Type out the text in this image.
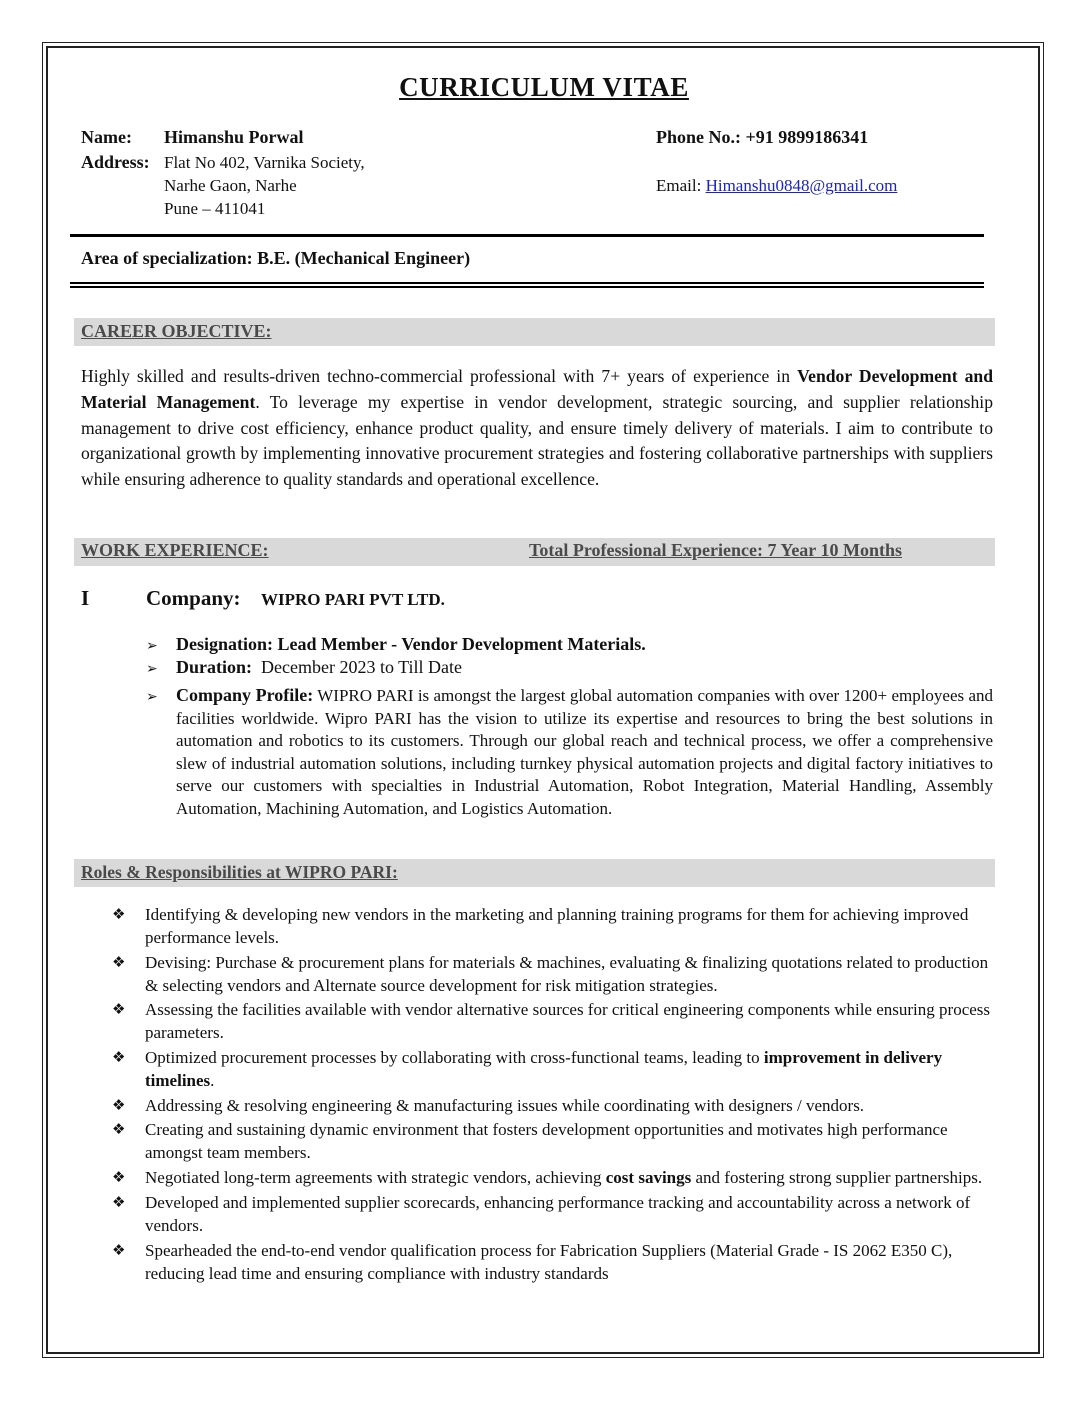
CURRICULUM VITAE
Name: Himanshu Porwal	Phone No.: +91 9899186341
Address: Flat No 402, Varnika Society,
Narhe Gaon, Narhe
Pune – 411041
Email: Himanshu0848@gmail.com
Area of specialization: B.E. (Mechanical Engineer)
CAREER OBJECTIVE:
Highly skilled and results-driven techno-commercial professional with 7+ years of experience in Vendor Development and Material Management. To leverage my expertise in vendor development, strategic sourcing, and supplier relationship management to drive cost efficiency, enhance product quality, and ensure timely delivery of materials. I aim to contribute to organizational growth by implementing innovative procurement strategies and fostering collaborative partnerships with suppliers while ensuring adherence to quality standards and operational excellence.
WORK EXPERIENCE:	Total Professional Experience: 7 Year 10 Months
I	Company: WIPRO PARI PVT LTD.
➢ Designation: Lead Member - Vendor Development Materials.
➢ Duration:  December 2023 to Till Date
➢ Company Profile: WIPRO PARI is amongst the largest global automation companies with over 1200+ employees and facilities worldwide. Wipro PARI has the vision to utilize its expertise and resources to bring the best solutions in automation and robotics to its customers. Through our global reach and technical process, we offer a comprehensive slew of industrial automation solutions, including turnkey physical automation projects and digital factory initiatives to serve our customers with specialties in Industrial Automation, Robot Integration, Material Handling, Assembly Automation, Machining Automation, and Logistics Automation.
Roles & Responsibilities at WIPRO PARI:
❖ Identifying & developing new vendors in the marketing and planning training programs for them for achieving improved performance levels.
❖ Devising: Purchase & procurement plans for materials & machines, evaluating & finalizing quotations related to production & selecting vendors and Alternate source development for risk mitigation strategies.
❖ Assessing the facilities available with vendor alternative sources for critical engineering components while ensuring process parameters.
❖ Optimized procurement processes by collaborating with cross-functional teams, leading to improvement in delivery timelines.
❖ Addressing & resolving engineering & manufacturing issues while coordinating with designers / vendors.
❖ Creating and sustaining dynamic environment that fosters development opportunities and motivates high performance amongst team members.
❖ Negotiated long-term agreements with strategic vendors, achieving cost savings and fostering strong supplier partnerships.
❖ Developed and implemented supplier scorecards, enhancing performance tracking and accountability across a network of vendors.
❖ Spearheaded the end-to-end vendor qualification process for Fabrication Suppliers (Material Grade - IS 2062 E350 C), reducing lead time and ensuring compliance with industry standards
